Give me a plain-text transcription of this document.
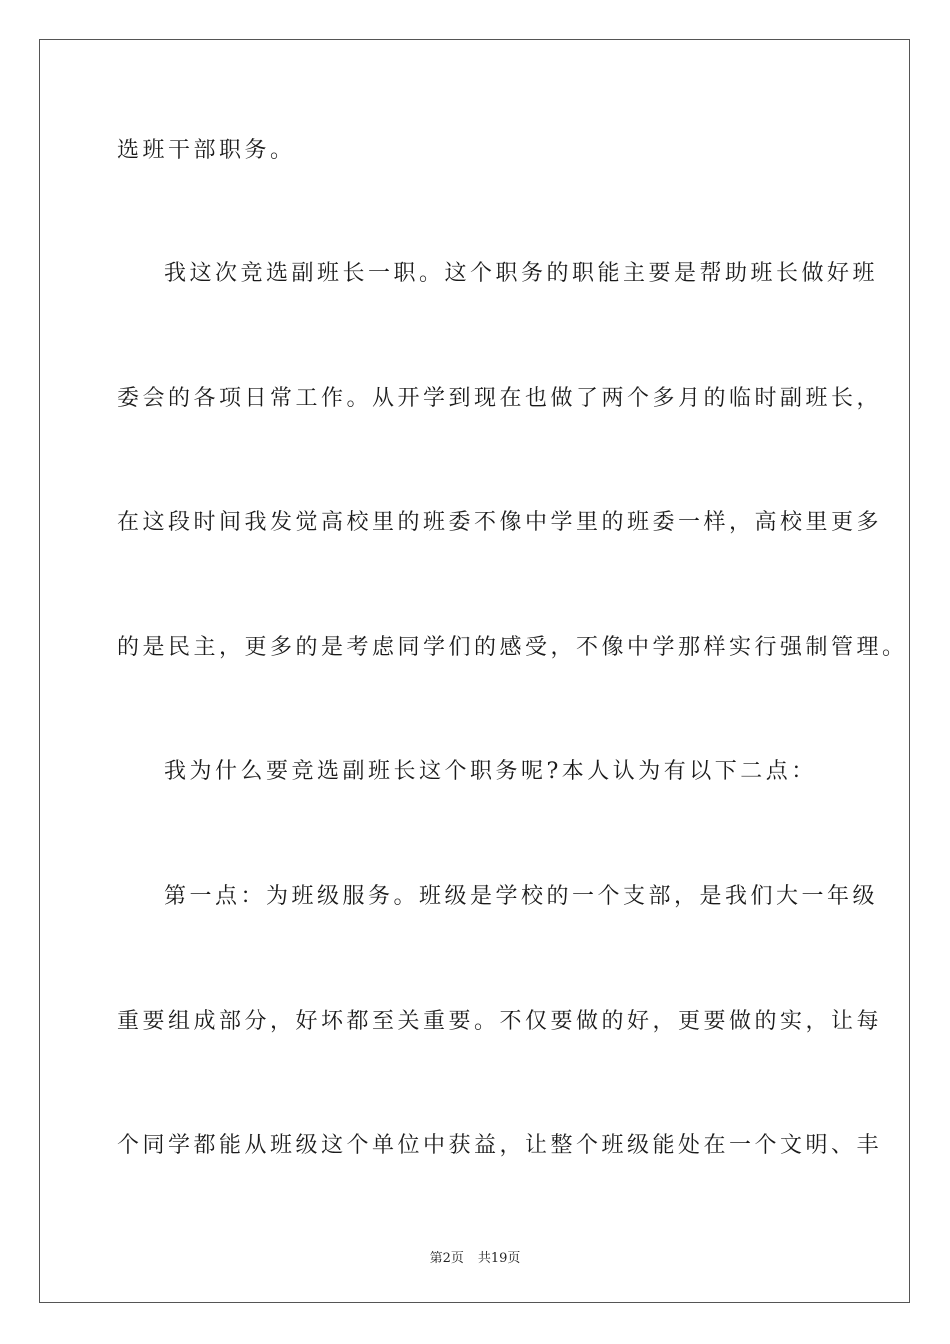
选班干部职务。
我这次竞选副班长一职。这个职务的职能主要是帮助班长做好班
委会的各项日常工作。从开学到现在也做了两个多月的临时副班长，
在这段时间我发觉高校里的班委不像中学里的班委一样，高校里更多
的是民主，更多的是考虑同学们的感受，不像中学那样实行强制管理。
我为什么要竞选副班长这个职务呢?本人认为有以下二点：
第一点：为班级服务。班级是学校的一个支部，是我们大一年级
重要组成部分，好坏都至关重要。不仅要做的好，更要做的实，让每
个同学都能从班级这个单位中获益，让整个班级能处在一个文明、丰
第2页 共19页
